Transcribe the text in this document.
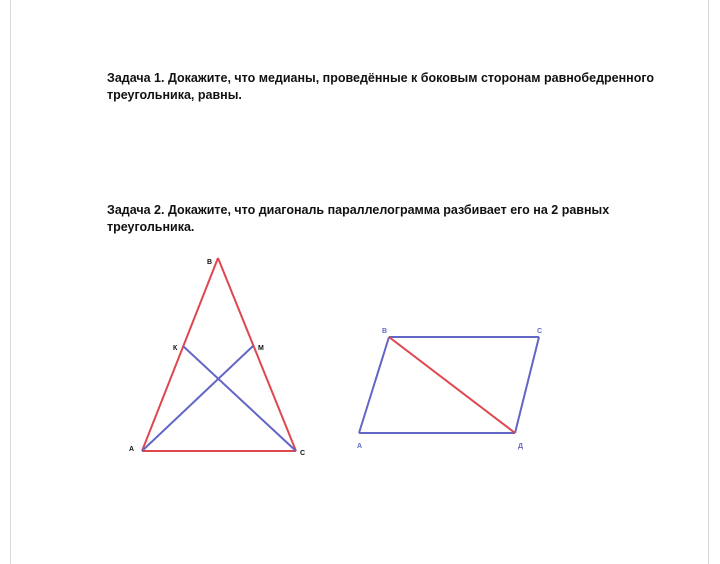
Задача 1. Докажите, что медианы, проведённые к боковым сторонам равнобедренного треугольника, равны.

Задача 2. Докажите, что диагональ параллелограмма разбивает его на 2 равных треугольника.

В
К	М
А
С
В	С
А	Д
